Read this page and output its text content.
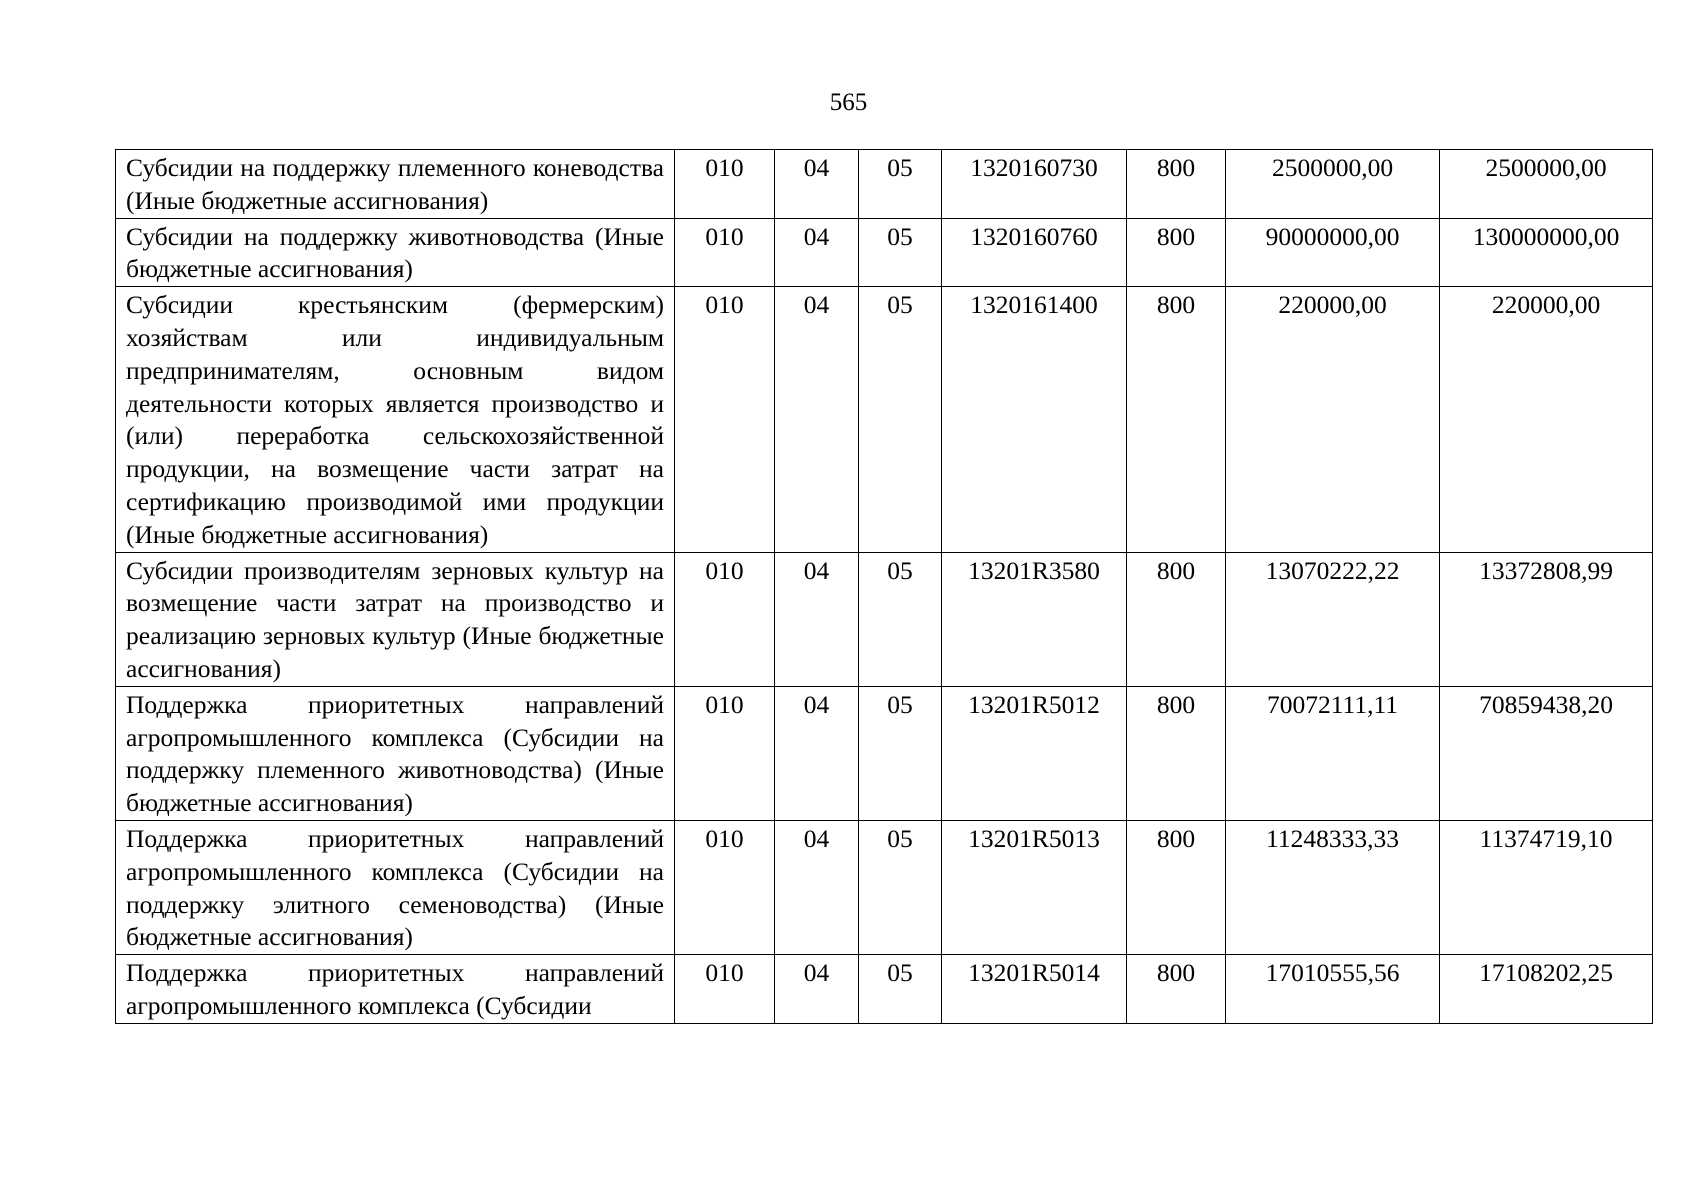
565
Субсидии на поддержку племенного коневодства (Иные бюджетные ассигнования)	010	04	05	1320160730	800	2500000,00	2500000,00
Субсидии на поддержку животноводства (Иные бюджетные ассигнования)	010	04	05	1320160760	800	90000000,00	130000000,00
Субсидии крестьянским (фермерским) хозяйствам или индивидуальным предпринимателям, основным видом деятельности которых является производство и (или) переработка сельскохозяйственной продукции, на возмещение части затрат на сертификацию производимой ими продукции (Иные бюджетные ассигнования)	010	04	05	1320161400	800	220000,00	220000,00
Субсидии производителям зерновых культур на возмещение части затрат на производство и реализацию зерновых культур (Иные бюджетные ассигнования)	010	04	05	13201R3580	800	13070222,22	13372808,99
Поддержка приоритетных направлений агропромышленного комплекса (Субсидии на поддержку племенного животноводства) (Иные бюджетные ассигнования)	010	04	05	13201R5012	800	70072111,11	70859438,20
Поддержка приоритетных направлений агропромышленного комплекса (Субсидии на поддержку элитного семеноводства) (Иные бюджетные ассигнования)	010	04	05	13201R5013	800	11248333,33	11374719,10
Поддержка приоритетных направлений агропромышленного комплекса (Субсидии	010	04	05	13201R5014	800	17010555,56	17108202,25
